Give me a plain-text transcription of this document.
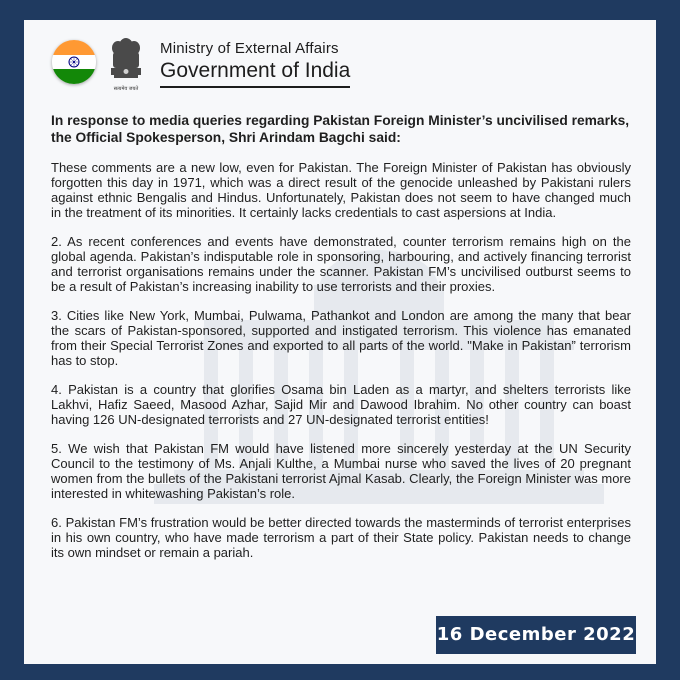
सत्यमेव जयते
Ministry of External Affairs
Government of India

In response to media queries regarding Pakistan Foreign Minister’s uncivilised remarks, the Official Spokesperson, Shri Arindam Bagchi said:

These comments are a new low, even for Pakistan. The Foreign Minister of Pakistan has obviously forgotten this day in 1971, which was a direct result of the genocide unleashed by Pakistani rulers against ethnic Bengalis and Hindus. Unfortunately, Pakistan does not seem to have changed much in the treatment of its minorities. It certainly lacks credentials to cast aspersions at India.

2. As recent conferences and events have demonstrated, counter terrorism remains high on the global agenda. Pakistan’s indisputable role in sponsoring, harbouring, and actively financing terrorist and terrorist organisations remains under the scanner. Pakistan FM’s uncivilised outburst seems to be a result of Pakistan’s increasing inability to use terrorists and their proxies.

3. Cities like New York, Mumbai, Pulwama, Pathankot and London are among the many that bear the scars of Pakistan-sponsored, supported and instigated terrorism. This violence has emanated from their Special Terrorist Zones and exported to all parts of the world. "Make in Pakistan” terrorism has to stop.

4. Pakistan is a country that glorifies Osama bin Laden as a martyr, and shelters terrorists like Lakhvi, Hafiz Saeed, Masood Azhar, Sajid Mir and Dawood Ibrahim. No other country can boast having 126 UN-designated terrorists and 27 UN-designated terrorist entities!

5. We wish that Pakistan FM would have listened more sincerely yesterday at the UN Security Council to the testimony of Ms. Anjali Kulthe, a Mumbai nurse who saved the lives of 20 pregnant women from the bullets of the Pakistani terrorist Ajmal Kasab. Clearly, the Foreign Minister was more interested in whitewashing Pakistan’s role.

6. Pakistan FM’s frustration would be better directed towards the masterminds of terrorist enterprises in his own country, who have made terrorism a part of their State policy. Pakistan needs to change its own mindset or remain a pariah.

16 December 2022
